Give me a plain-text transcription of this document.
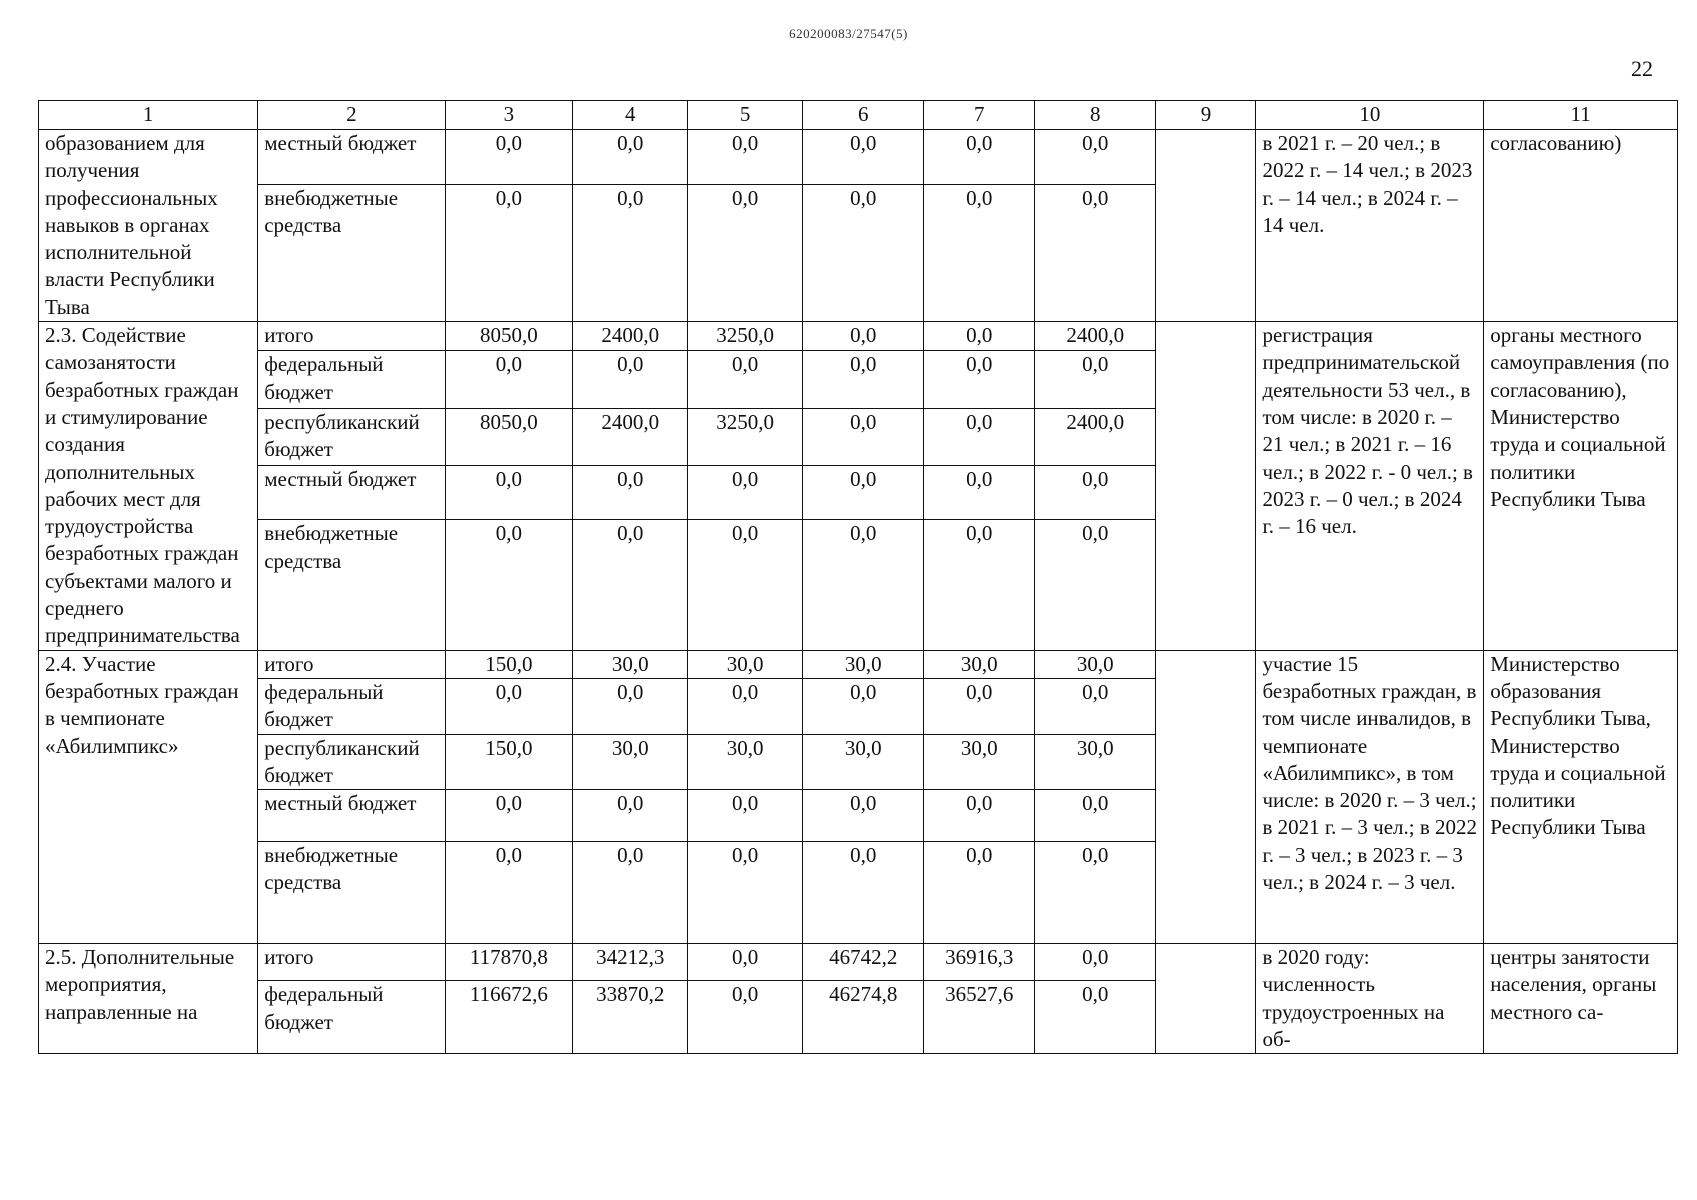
620200083/27547(5)
22
1	2	3	4	5	6	7	8	9	10	11
образованием для получения профессиональных навыков в органах исполнительной власти Республики Тыва	местный бюджет	0,0	0,0	0,0	0,0	0,0	0,0		в 2021 г. – 20 чел.; в 2022 г. – 14 чел.; в 2023 г. – 14 чел.; в 2024 г. – 14 чел.	согласованию)
	внебюджетные средства	0,0	0,0	0,0	0,0	0,0	0,0			
2.3. Содействие самозанятости безработных граждан и стимулирование создания дополнительных рабочих мест для трудоустройства безработных граждан субъектами малого и среднего предпринимательства	итого	8050,0	2400,0	3250,0	0,0	0,0	2400,0		регистрация предпринимательской деятельности 53 чел., в том числе: в 2020 г. – 21 чел.; в 2021 г. – 16 чел.; в 2022 г. - 0 чел.; в 2023 г. – 0 чел.; в 2024 г. – 16 чел.	органы местного самоуправления (по согласованию), Министерство труда и социальной политики Республики Тыва
	федеральный бюджет	0,0	0,0	0,0	0,0	0,0	0,0			
	республиканский бюджет	8050,0	2400,0	3250,0	0,0	0,0	2400,0			
	местный бюджет	0,0	0,0	0,0	0,0	0,0	0,0			
	внебюджетные средства	0,0	0,0	0,0	0,0	0,0	0,0			
2.4. Участие безработных граждан в чемпионате «Абилимпикс»	итого	150,0	30,0	30,0	30,0	30,0	30,0		участие 15 безработных граждан, в том числе инвалидов, в чемпионате «Абилимпикс», в том числе: в 2020 г. – 3 чел.; в 2021 г. – 3 чел.; в 2022 г. – 3 чел.; в 2023 г. – 3 чел.; в 2024 г. – 3 чел.	Министерство образования Республики Тыва, Министерство труда и социальной политики Республики Тыва
	федеральный бюджет	0,0	0,0	0,0	0,0	0,0	0,0			
	республиканский бюджет	150,0	30,0	30,0	30,0	30,0	30,0			
	местный бюджет	0,0	0,0	0,0	0,0	0,0	0,0			
	внебюджетные средства	0,0	0,0	0,0	0,0	0,0	0,0			
2.5. Дополнительные мероприятия, направленные на	итого	117870,8	34212,3	0,0	46742,2	36916,3	0,0		в 2020 году: численность трудоустроенных на об-	центры занятости населения, органы местного са-
	федеральный бюджет	116672,6	33870,2	0,0	46274,8	36527,6	0,0			
